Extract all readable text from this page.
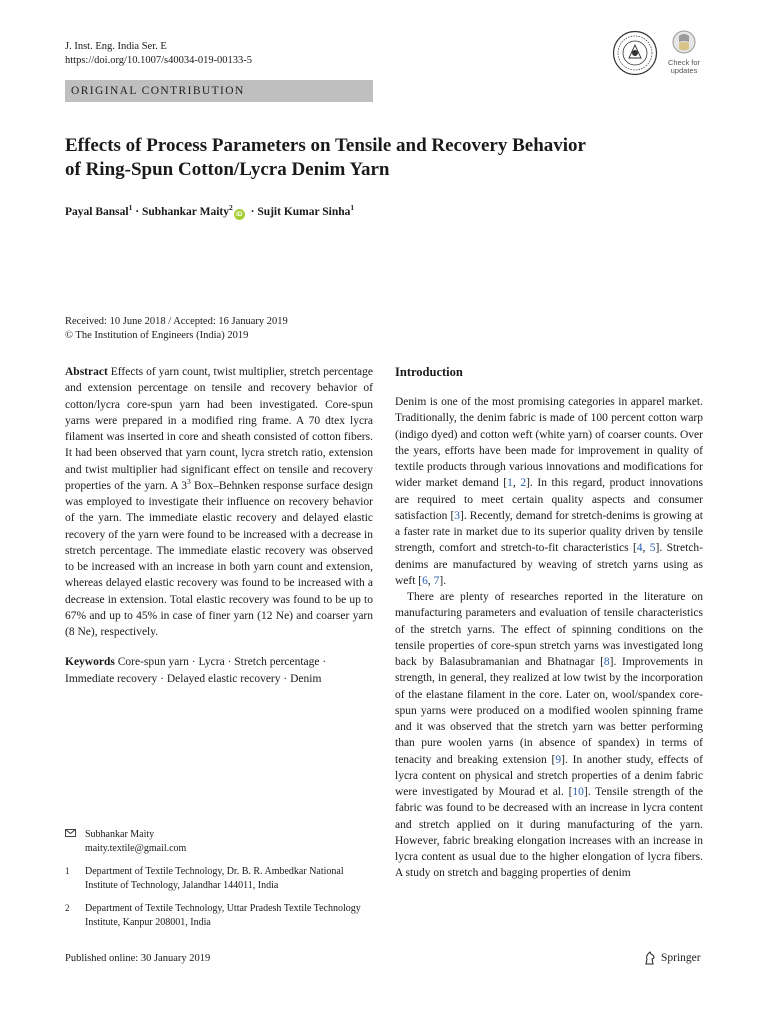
J. Inst. Eng. India Ser. E
https://doi.org/10.1007/s40034-019-00133-5	Check for
updates
ORIGINAL CONTRIBUTION
Effects of Process Parameters on Tensile and Recovery Behavior
of Ring-Spun Cotton/Lycra Denim Yarn
Payal Bansal$^1$ · Subhankar Maity$^2$iD · Sujit Kumar Sinha$^1$
Received: 10 June 2018 / Accepted: 16 January 2019
© The Institution of Engineers (India) 2019

Abstract Effects of yarn count, twist multiplier, stretch percentage and extension percentage on tensile and recovery behavior of cotton/lycra core-spun yarn had been investigated. Core-spun yarns were prepared in a modified ring frame. A 70 dtex lycra filament was inserted in core and sheath consisted of cotton fibers. It had been observed that yarn count, lycra stretch ratio, extension and twist multiplier had significant effect on tensile and recovery properties of the yarn. A $3^3$ Box–Behnken response surface design was employed to investigate their influence on recovery behavior of the yarn. The immediate elastic recovery and delayed elastic recovery of the yarn were found to be increased with a decrease in stretch percentage. The immediate elastic recovery was observed to be increased with an increase in both yarn count and extension, whereas delayed elastic recovery was found to be increased with a decrease in extension. Total elastic recovery was found to be up to 67% and up to 45% in case of finer yarn (12 Ne) and coarser yarn (8 Ne), respectively.

Keywords Core-spun yarn · Lycra · Stretch percentage · Immediate recovery · Delayed elastic recovery · Denim

Subhankar Maity
maity.textile@gmail.com
1	Department of Textile Technology, Dr. B. R. Ambedkar National Institute of Technology, Jalandhar 144011, India
2	Department of Textile Technology, Uttar Pradesh Textile Technology Institute, Kanpur 208001, India
Introduction

Denim is one of the most promising categories in apparel market. Traditionally, the denim fabric is made of 100 percent cotton warp (indigo dyed) and cotton weft (white yarn) of coarser counts. Over the years, efforts have been made for improvement in quality of textile products through various innovations and modifications for wider market demand [1, 2]. In this regard, product innovations are required to meet certain quality aspects and consumer satisfaction [3]. Recently, demand for stretch-denims is growing at a faster rate in market due to its superior quality driven by tensile strength, comfort and stretch-to-fit characteristics [4, 5]. Stretch-denims are manufactured by weaving of stretch yarns using as weft [6, 7].

There are plenty of researches reported in the literature on manufacturing parameters and evaluation of tensile characteristics of the stretch yarns. The effect of spinning conditions on the tensile properties of core-spun stretch yarns was investigated long back by Balasubramanian and Bhatnagar [8]. Improvements in strength, in general, they realized at low twist by the incorporation of the elastane filament in the core. Later on, wool/spandex core-spun yarns were produced on a modified woolen spinning frame and it was observed that the stretch yarn was better performing than pure woolen yarns (in absence of spandex) in terms of tenacity and breaking extension [9]. In another study, effects of lycra content on physical and stretch properties of a denim fabric were investigated by Mourad et al. [10]. Tensile strength of the fabric was found to be decreased with an increase in lycra content and stretch applied on it during manufacturing of the yarn. However, fabric breaking elongation increases with an increase in lycra content as usual due to the higher elongation of lycra fibers. A study on stretch and bagging properties of denim

Published online: 30 January 2019	Springer
